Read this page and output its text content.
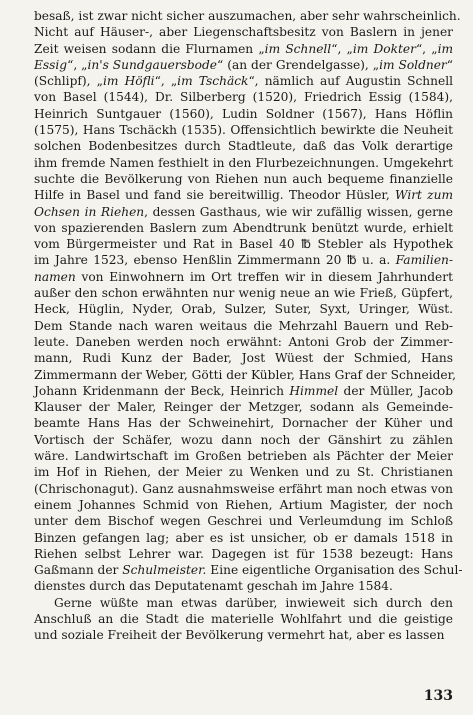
besaß, ist zwar nicht sicher auszumachen, aber sehr wahrscheinlich.
Nicht auf Häuser-, aber Liegenschaftsbesitz von Baslern in jener
Zeit weisen sodann die Flurnamen „im Schnell“, „im Dokter“, „im
Essig“, „in's Sundgauersbode“ (an der Grendelgasse), „im Soldner“
(Schlipf), „im Höfli“, „im Tschäck“, nämlich auf Augustin Schnell
von Basel (1544), Dr. Silberberg (1520), Friedrich Essig (1584),
Heinrich Suntgauer (1560), Ludin Soldner (1567), Hans Höflin
(1575), Hans Tschäckh (1535). Offensichtlich bewirkte die Neuheit
solchen Bodenbesitzes durch Stadtleute, daß das Volk derartige
ihm fremde Namen festhielt in den Flurbezeichnungen. Umgekehrt
suchte die Bevölkerung von Riehen nun auch bequeme finanzielle
Hilfe in Basel und fand sie bereitwillig. Theodor Hüsler, Wirt zum
Ochsen in Riehen, dessen Gasthaus, wie wir zufällig wissen, gerne
von spazierenden Baslern zum Abendtrunk benützt wurde, erhielt
vom Bürgermeister und Rat in Basel 40 ℔ Stebler als Hypothek
im Jahre 1523, ebenso Henßlin Zimmermann 20 ℔ u. a. Familien-
namen von Einwohnern im Ort treffen wir in diesem Jahrhundert
außer den schon erwähnten nur wenig neue an wie Frieß, Güpfert,
Heck, Hüglin, Nyder, Orab, Sulzer, Suter, Syxt, Uringer, Wüst.
Dem Stande nach waren weitaus die Mehrzahl Bauern und Reb-
leute. Daneben werden noch erwähnt: Antoni Grob der Zimmer-
mann, Rudi Kunz der Bader, Jost Wüest der Schmied, Hans
Zimmermann der Weber, Götti der Kübler, Hans Graf der Schneider,
Johann Kridenmann der Beck, Heinrich Himmel der Müller, Jacob
Klauser der Maler, Reinger der Metzger, sodann als Gemeinde-
beamte Hans Has der Schweinehirt, Dornacher der Küher und
Vortisch der Schäfer, wozu dann noch der Gänshirt zu zählen
wäre. Landwirtschaft im Großen betrieben als Pächter der Meier
im Hof in Riehen, der Meier zu Wenken und zu St. Christianen
(Chrischonagut). Ganz ausnahmsweise erfährt man noch etwas von
einem Johannes Schmid von Riehen, Artium Magister, der noch
unter dem Bischof wegen Geschrei und Verleumdung im Schloß
Binzen gefangen lag; aber es ist unsicher, ob er damals 1518 in
Riehen selbst Lehrer war. Dagegen ist für 1538 bezeugt: Hans
Gaßmann der Schulmeister. Eine eigentliche Organisation des Schul-
dienstes durch das Deputatenamt geschah im Jahre 1584.
Gerne wüßte man etwas darüber, inwieweit sich durch den
Anschluß an die Stadt die materielle Wohlfahrt und die geistige
und soziale Freiheit der Bevölkerung vermehrt hat, aber es lassen
133
